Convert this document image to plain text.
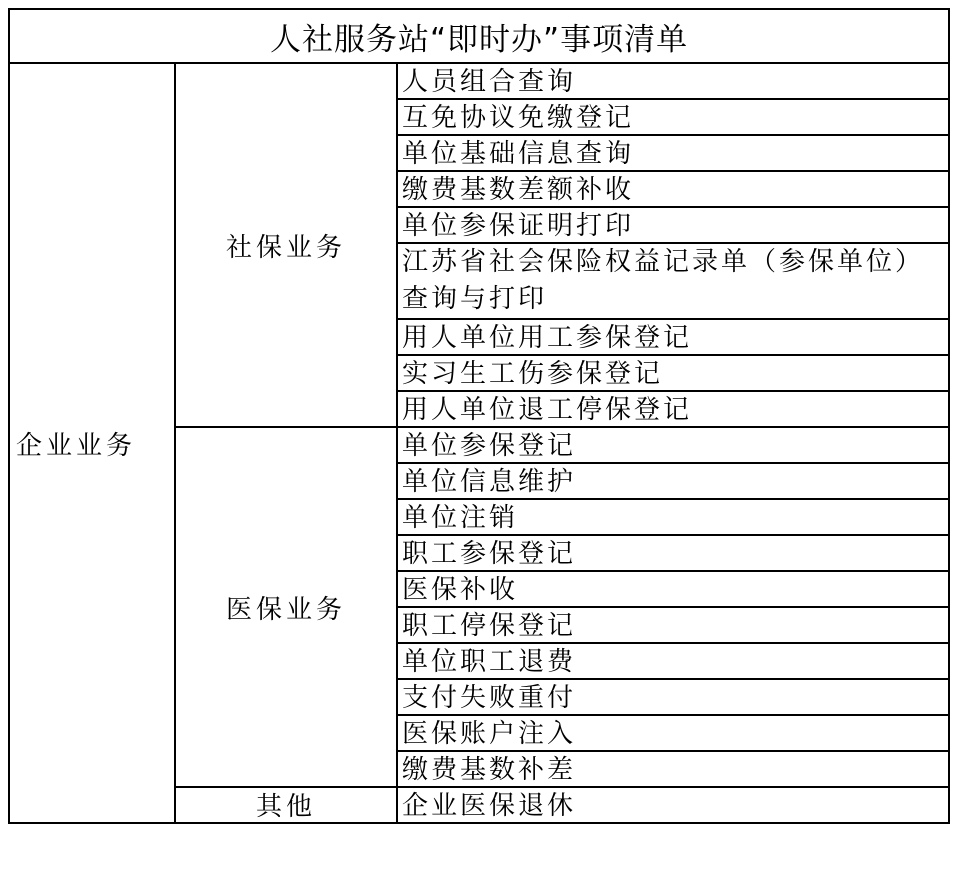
人社服务站“即时办”事项清单		
企业业务	社保业务	人员组合查询
		互免协议免缴登记
		单位基础信息查询
		缴费基数差额补收
		单位参保证明打印
		江苏省社会保险权益记录单（参保单位）查询与打印
		用人单位用工参保登记
		实习生工伤参保登记
		用人单位退工停保登记
	医保业务	单位参保登记
		单位信息维护
		单位注销
		职工参保登记
		医保补收
		职工停保登记
		单位职工退费
		支付失败重付
		医保账户注入
		缴费基数补差
	其他	企业医保退休
